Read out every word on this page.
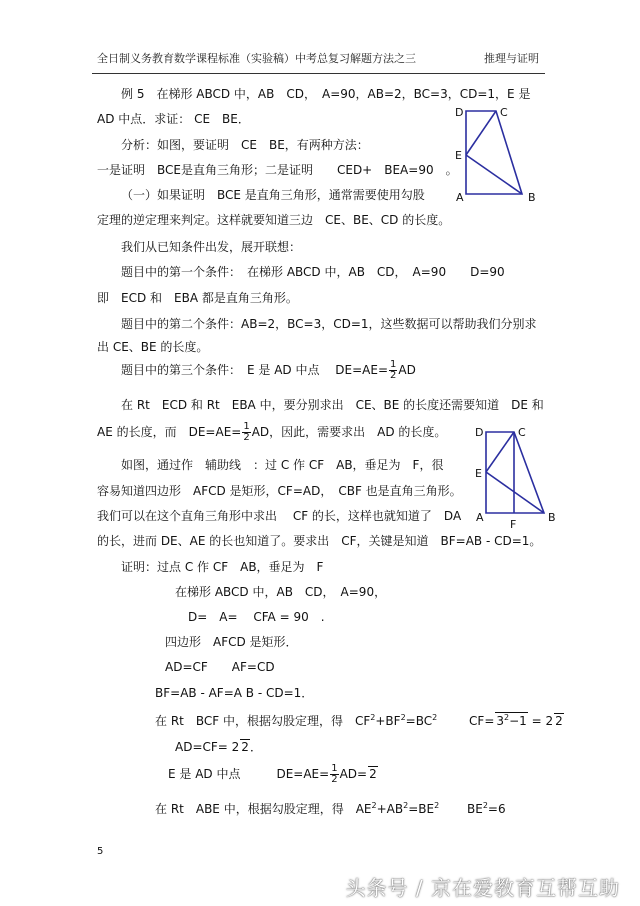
全日制义务教育数学课程标准（实验稿）中考总复习解题方法之三	推理与证明
例 5　在梯形 ABCD 中，AB　CD，　A=90，AB=2，BC=3，CD=1，E 是
AD 中点．求证： CE　BE．
分析：如图，要证明　CE　BE，有两种方法：
一是证明　BCE是直角三角形；二是证明　　CED+　BEA=90　。
（一）如果证明　BCE 是直角三角形，通常需要使用勾股
定理的逆定理来判定。这样就要知道三边　CE、BE、CD 的长度。
我们从已知条件出发，展开联想：
题目中的第一个条件：　在梯形 ABCD 中，AB　CD，　A=90　　D=90
即　ECD 和　EBA 都是直角三角形。
题目中的第二个条件：AB=2，BC=3，CD=1，这些数据可以帮助我们分别求
出 CE、BE 的长度。
题目中的第三个条件：　E 是 AD 中点　 $DE=AE= \frac{1}{2}$ AD
在 Rt　ECD 和 Rt　EBA 中，要分别求出　CE、BE 的长度还需要知道　DE 和
AE 的长度，而　$DE=AE= \frac{1}{2}$ AD，因此，需要求出　AD 的长度。
如图，通过作　辅助线　：过 C 作 CF　AB，垂足为　F，很
容易知道四边形　AFCD 是矩形，CF=AD，　CBF 也是直角三角形。
我们可以在这个直角三角形中求出　 CF 的长，这样也就知道了　DA
的长，进而 DE、AE 的长也知道了。要求出　CF，关键是知道　BF=AB - CD=1。
证明：过点 C 作 CF　AB，垂足为　F
在梯形 ABCD 中，AB　CD，　A=90，
D=　A=　 CFA = 90　.
四边形　AFCD 是矩形．
AD=CF　　AF=CD
BF=AB - AF=A B - CD=1．
在 Rt　BCF 中，根据勾股定理，得　$CF^2+BF^2=BC^2$	$CF= 3^2-1 = 2$ 2
AD=CF= 2 2．
E 是 AD 中点　　　$DE=AE= \frac{1}{2} AD= 2$
在 Rt　ABE 中，根据勾股定理，得　$AE^2+AB^2=BE^2$ $BE^2=6$
D	C
E
A	B
D	C
E
A
F
B
5
头条号 / 京在爱教育互帮互助
